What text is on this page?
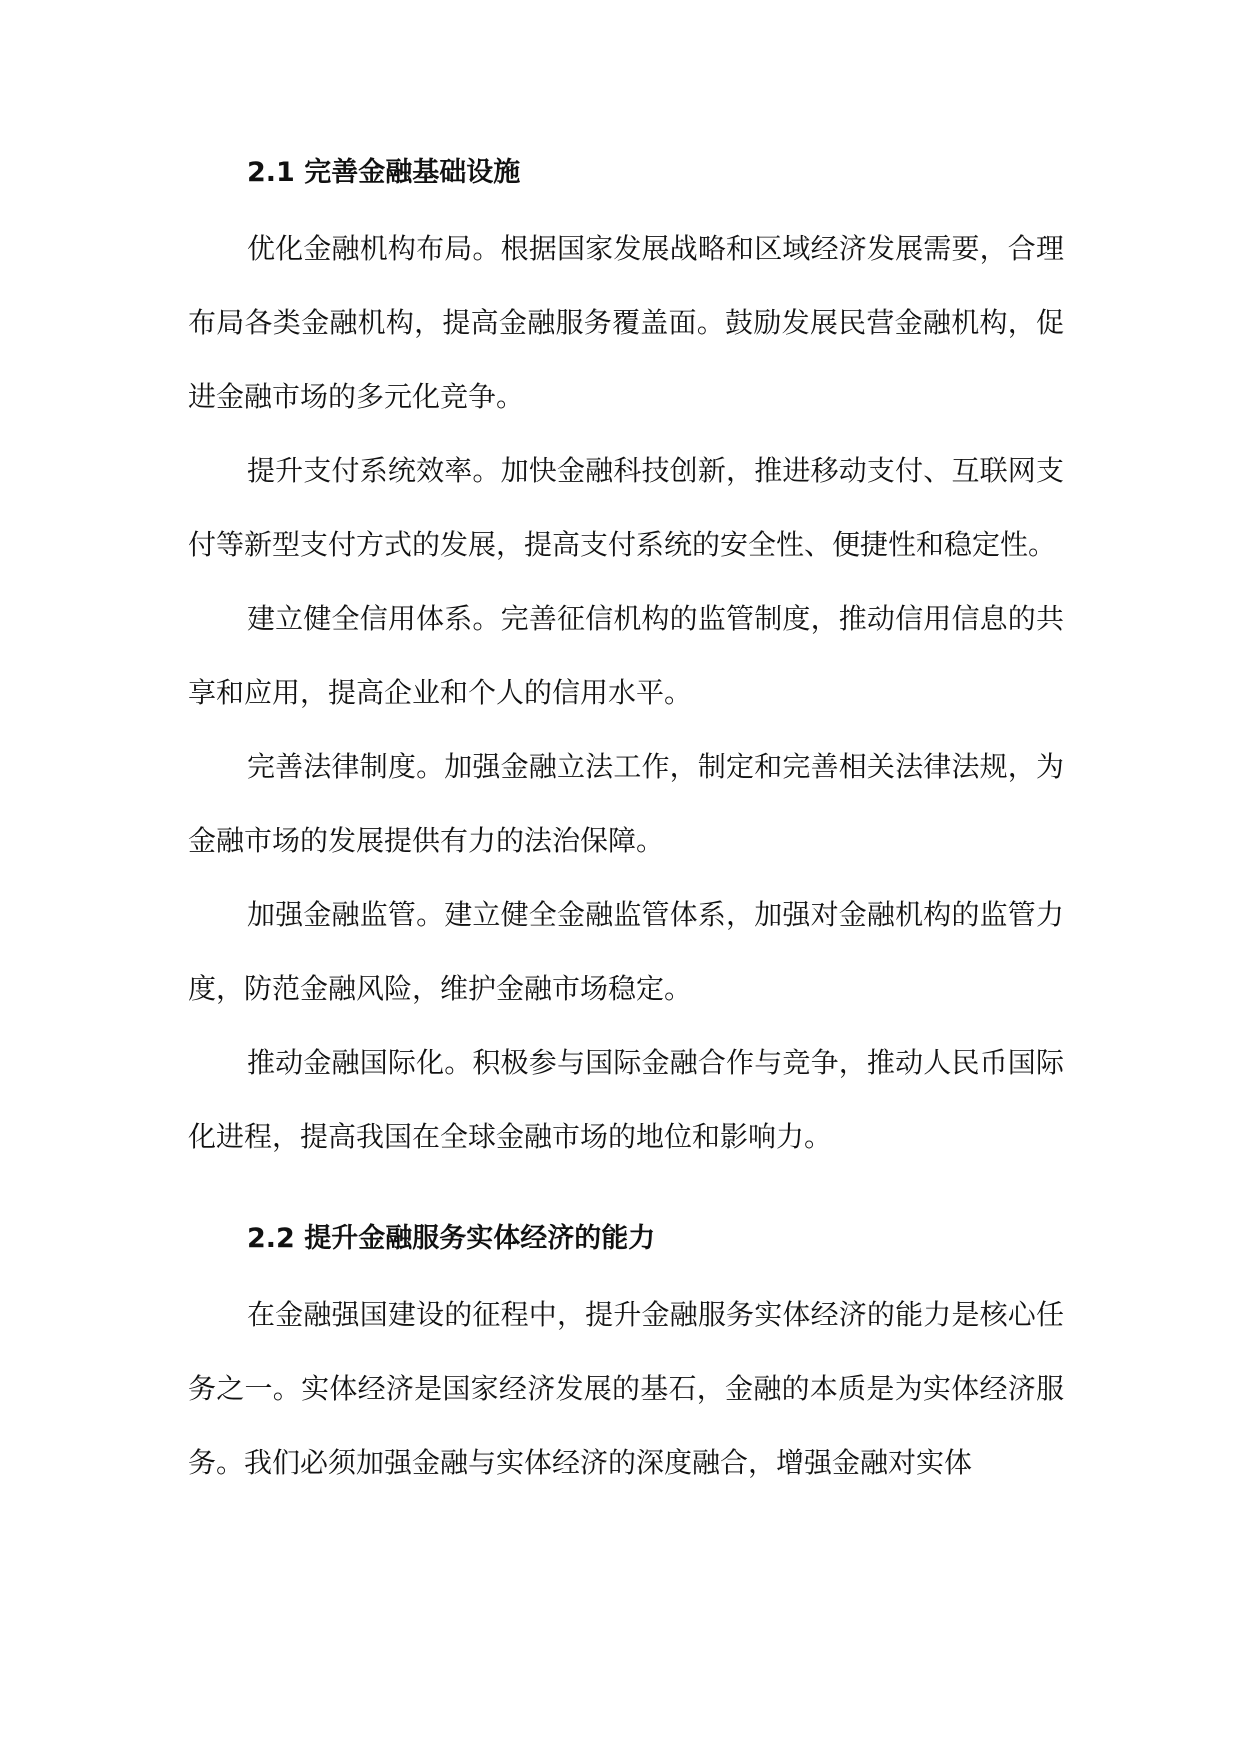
2.1 完善金融基础设施

优化金融机构布局。根据国家发展战略和区域经济发展需要，合理布局各类金融机构，提高金融服务覆盖面。鼓励发展民营金融机构，促进金融市场的多元化竞争。

提升支付系统效率。加快金融科技创新，推进移动支付、互联网支付等新型支付方式的发展，提高支付系统的安全性、便捷性和稳定性。

建立健全信用体系。完善征信机构的监管制度，推动信用信息的共享和应用，提高企业和个人的信用水平。

完善法律制度。加强金融立法工作，制定和完善相关法律法规，为金融市场的发展提供有力的法治保障。

加强金融监管。建立健全金融监管体系，加强对金融机构的监管力度，防范金融风险，维护金融市场稳定。

推动金融国际化。积极参与国际金融合作与竞争，推动人民币国际化进程，提高我国在全球金融市场的地位和影响力。

2.2 提升金融服务实体经济的能力

在金融强国建设的征程中，提升金融服务实体经济的能力是核心任务之一。实体经济是国家经济发展的基石，金融的本质是为实体经济服务。我们必须加强金融与实体经济的深度融合，增强金融对实体
